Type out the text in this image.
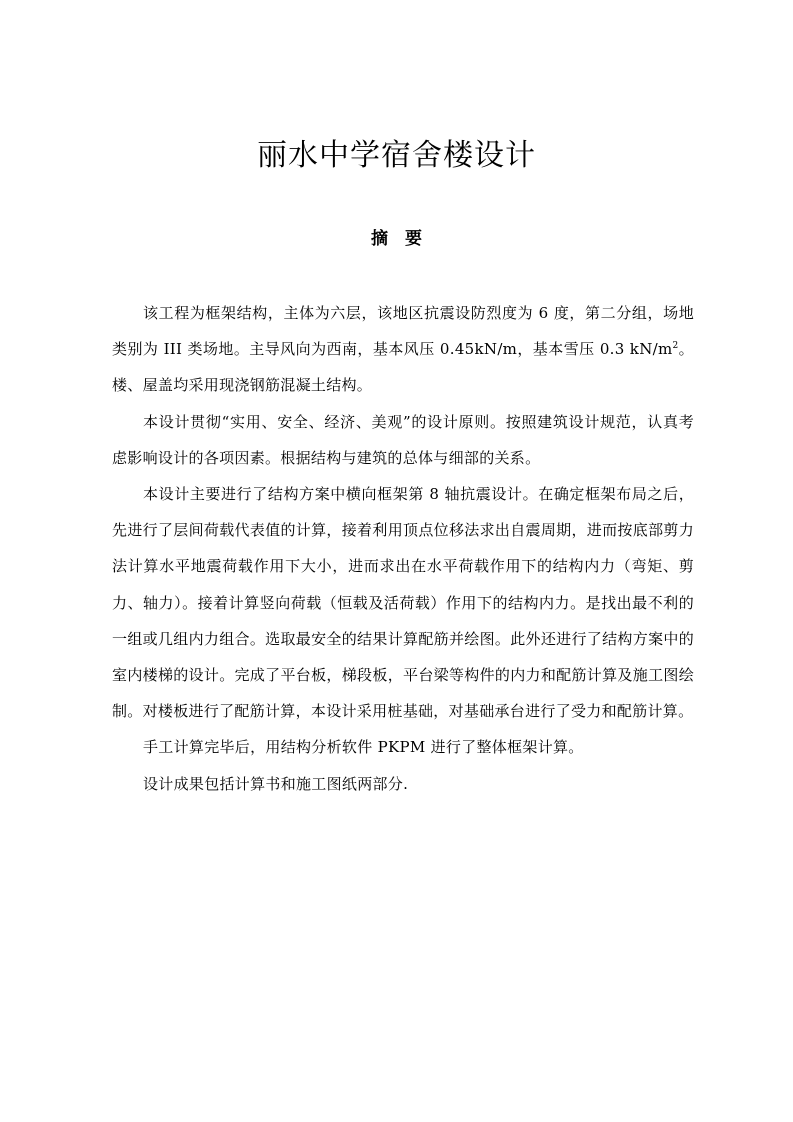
丽水中学宿舍楼设计
摘　要

该工程为框架结构，主体为六层，该地区抗震设防烈度为 6 度，第二分组，场地类别为 III 类场地。主导风向为西南，基本风压 0.45kN/m，基本雪压 0.3 $kN/m^2$。楼、屋盖均采用现浇钢筋混凝土结构。

本设计贯彻“实用、安全、经济、美观”的设计原则。按照建筑设计规范，认真考虑影响设计的各项因素。根据结构与建筑的总体与细部的关系。

本设计主要进行了结构方案中横向框架第 8 轴抗震设计。在确定框架布局之后，先进行了层间荷载代表值的计算，接着利用顶点位移法求出自震周期，进而按底部剪力法计算水平地震荷载作用下大小，进而求出在水平荷载作用下的结构内力（弯矩、剪力、轴力）。接着计算竖向荷载（恒载及活荷载）作用下的结构内力。是找出最不利的一组或几组内力组合。选取最安全的结果计算配筋并绘图。此外还进行了结构方案中的室内楼梯的设计。完成了平台板，梯段板，平台梁等构件的内力和配筋计算及施工图绘制。对楼板进行了配筋计算，本设计采用桩基础，对基础承台进行了受力和配筋计算。

手工计算完毕后，用结构分析软件 PKPM 进行了整体框架计算。

设计成果包括计算书和施工图纸两部分.
